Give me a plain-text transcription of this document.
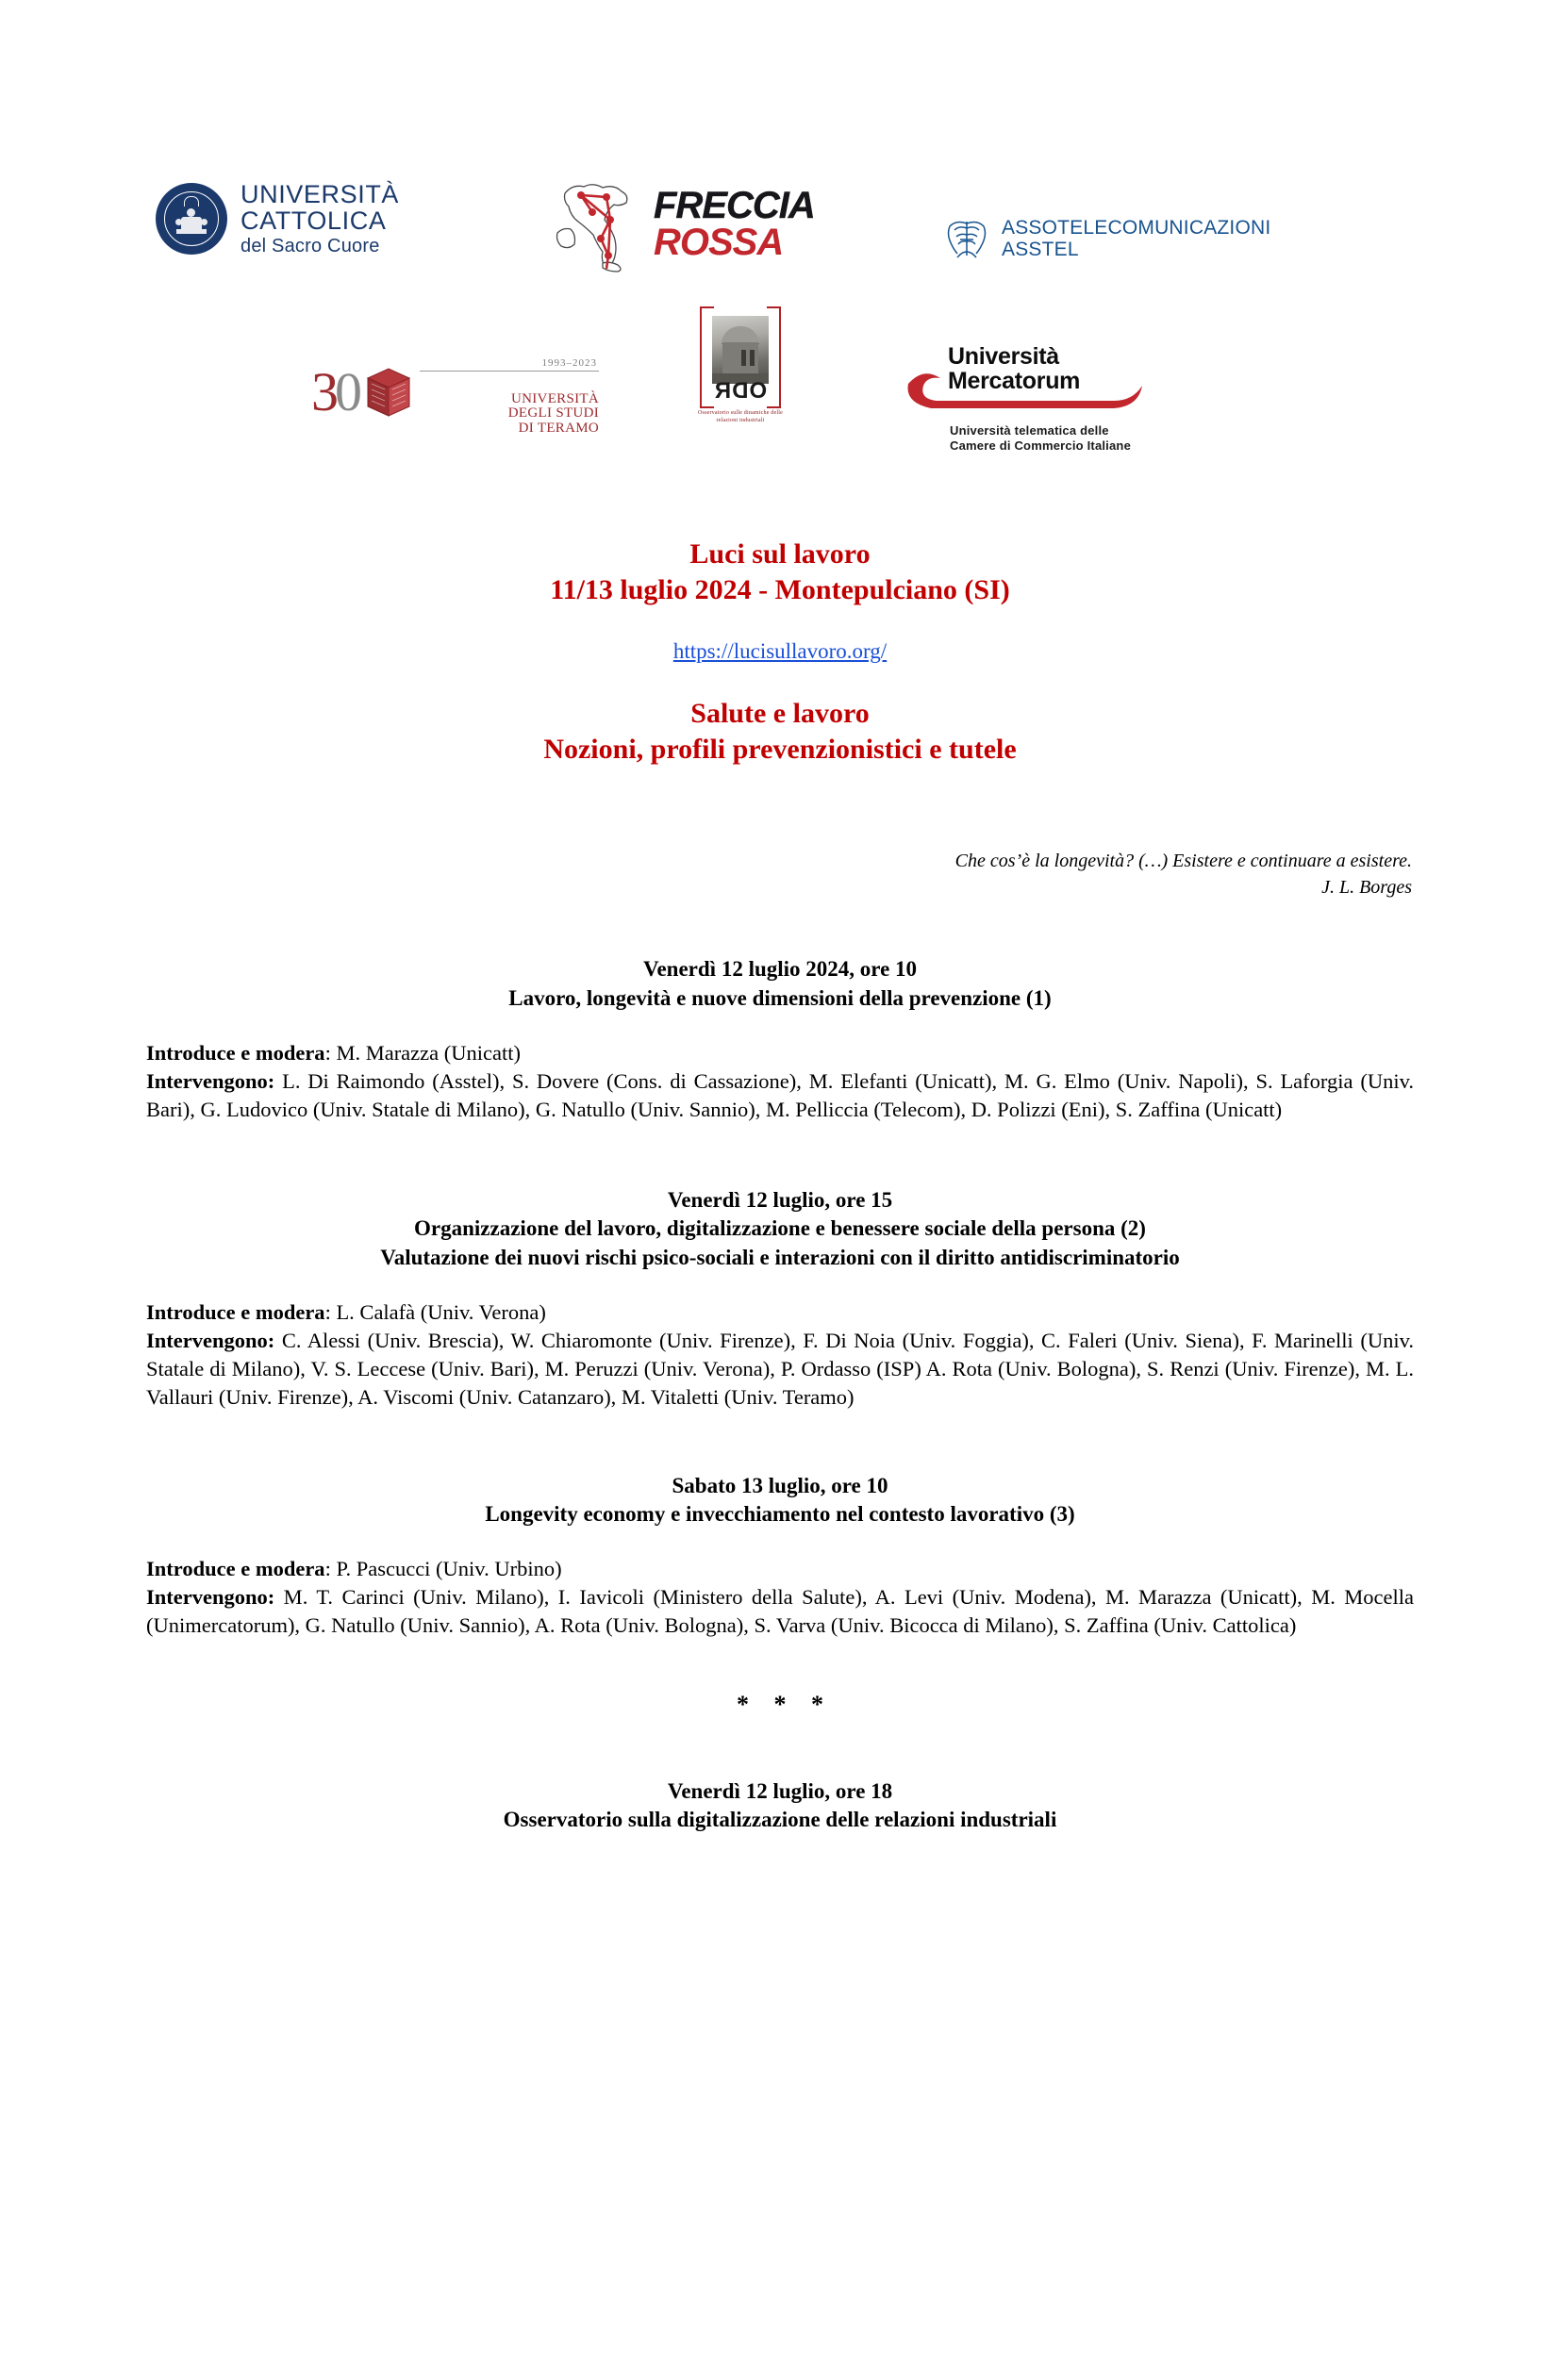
UNIVERSITÀ
CATTOLICA
del Sacro Cuore
FRECCIA
ROSSA	ASSOTELECOMUNICAZIONI
ASSTEL
30	1993–2023
UNIVERSITÀ
DEGLI STUDI
DI TERAMO
ODR
Osservatorio sulle dinamiche delle relazioni industriali
Università
Mercatorum
Università telematica delle
Camere di Commercio Italiane
Luci sul lavoro
11/13 luglio 2024 - Montepulciano (SI)
https://lucisullavoro.org/
Salute e lavoro
Nozioni, profili prevenzionistici e tutele
Che cos’è la longevità? (…) Esistere e continuare a esistere.
J. L. Borges
Venerdì 12 luglio 2024, ore 10
Lavoro, longevità e nuove dimensioni della prevenzione (1)

Introduce e modera: M. Marazza (Unicatt)

Intervengono: L. Di Raimondo (Asstel), S. Dovere (Cons. di Cassazione), M. Elefanti (Unicatt), M. G. Elmo (Univ. Napoli), S. Laforgia (Univ. Bari), G. Ludovico (Univ. Statale di Milano), G. Natullo (Univ. Sannio), M. Pelliccia (Telecom), D. Polizzi (Eni), S. Zaffina (Unicatt)

Venerdì 12 luglio, ore 15
Organizzazione del lavoro, digitalizzazione e benessere sociale della persona (2)
Valutazione dei nuovi rischi psico-sociali e interazioni con il diritto antidiscriminatorio

Introduce e modera: L. Calafà (Univ. Verona)

Intervengono: C. Alessi (Univ. Brescia), W. Chiaromonte (Univ. Firenze), F. Di Noia (Univ. Foggia), C. Faleri (Univ. Siena), F. Marinelli (Univ. Statale di Milano), V. S. Leccese (Univ. Bari), M. Peruzzi (Univ. Verona), P. Ordasso (ISP) A. Rota (Univ. Bologna), S. Renzi (Univ. Firenze), M. L. Vallauri (Univ. Firenze), A. Viscomi (Univ. Catanzaro), M. Vitaletti (Univ. Teramo)

Sabato 13 luglio, ore 10
Longevity economy e invecchiamento nel contesto lavorativo (3)

Introduce e modera: P. Pascucci (Univ. Urbino)

Intervengono: M. T. Carinci (Univ. Milano), I. Iavicoli (Ministero della Salute), A. Levi (Univ. Modena), M. Marazza (Unicatt), M. Mocella (Unimercatorum), G. Natullo (Univ. Sannio), A. Rota (Univ. Bologna), S. Varva (Univ. Bicocca di Milano), S. Zaffina (Univ. Cattolica)

* * *
Venerdì 12 luglio, ore 18
Osservatorio sulla digitalizzazione delle relazioni industriali
